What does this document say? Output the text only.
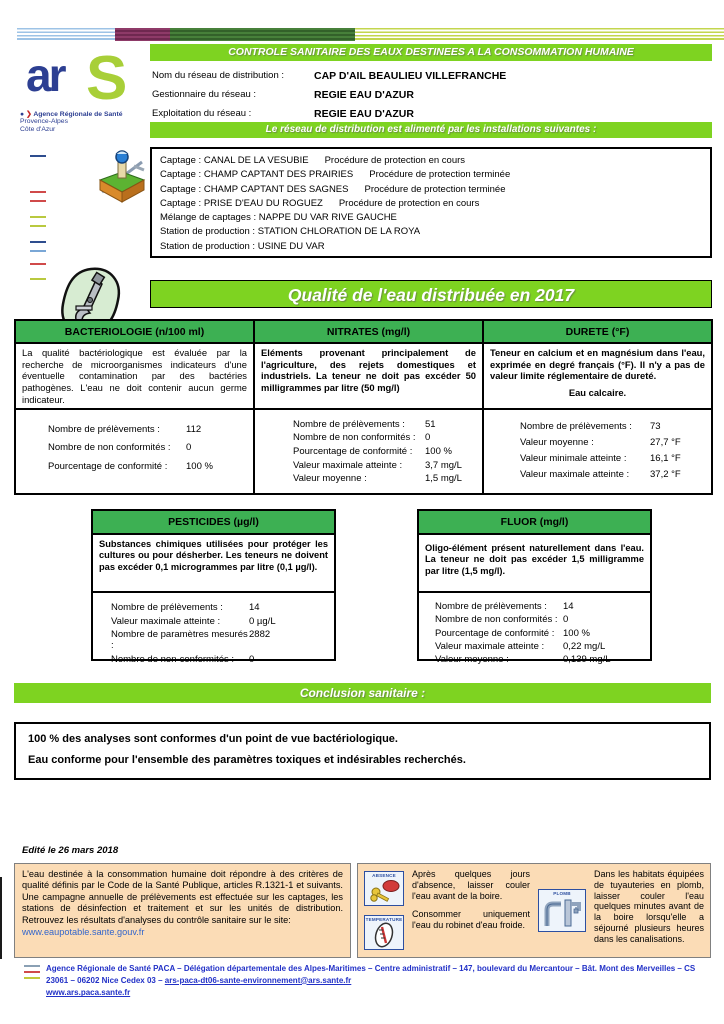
CONTROLE SANITAIRE DES EAUX DESTINEES A LA CONSOMMATION HUMAINE
ar S
● ❯ Agence Régionale de Santé
Provence-Alpes
Côte d'Azur
Nom du réseau de distribution :	CAP D'AIL BEAULIEU VILLEFRANCHE
Gestionnaire du réseau :	REGIE EAU D'AZUR
Exploitation du réseau :	REGIE EAU D'AZUR
Le réseau de distribution est alimenté par les installations suivantes :
Captage : CANAL DE LA VESUBIE Procédure de protection en cours
Captage : CHAMP CAPTANT DES PRAIRIES Procédure de protection terminée
Captage : CHAMP CAPTANT DES SAGNES Procédure de protection terminée
Captage : PRISE D'EAU DU ROGUEZ Procédure de protection en cours
Mélange de captages : NAPPE DU VAR RIVE GAUCHE
Station de production : STATION CHLORATION DE LA ROYA
Station de production : USINE DU VAR
Qualité de l'eau distribuée en 2017
BACTERIOLOGIE (n/100 ml)	NITRATES (mg/l)	DURETE (°F)
La qualité bactériologique est évaluée par la recherche de microorganismes indicateurs d'une éventuelle contamination par des bactéries pathogènes. L'eau ne doit contenir aucun germe indicateur.	Eléments provenant principalement de l'agriculture, des rejets domestiques et industriels. La teneur ne doit pas excéder 50 milligrammes par litre (50 mg/l)	Teneur en calcium et en magnésium dans l'eau, exprimée en degré français (°F). Il n'y a pas de valeur limite réglementaire de dureté.
Eau calcaire.

Nombre de prélèvements :	112
Nombre de non conformités :	0
Pourcentage de conformité :	100 %

Nombre de prélèvements :	51
Nombre de non conformités : 0
Pourcentage de conformité :	100 %
Valeur maximale atteinte :	3,7 mg/L
Valeur moyenne :	1,5 mg/L

Nombre de prélèvements :	73
Valeur moyenne :	27,7 °F
Valeur minimale atteinte :	16,1 °F
Valeur maximale atteinte :	37,2 °F
PESTICIDES (µg/l)
Substances chimiques utilisées pour protéger les cultures ou pour désherber. Les teneurs ne doivent pas excéder 0,1 microgrammes par litre (0,1 µg/l).
Nombre de prélèvements :	14
Valeur maximale atteinte :	0 µg/L
Nombre de paramètres mesurés :
2882
Nombre de non-conformités :	0
FLUOR (mg/l)
Oligo-élément présent naturellement dans l'eau. La teneur ne doit pas excéder 1,5 milligramme par litre (1,5 mg/l).
Nombre de prélèvements :	14
Nombre de non conformités : 0
Pourcentage de conformité : 100 %
Valeur maximale atteinte :	0,22 mg/L
Valeur moyenne :	0,139 mg/L
Conclusion sanitaire :
100 % des analyses sont conformes d'un point de vue bactériologique.
Eau conforme pour l'ensemble des paramètres toxiques et indésirables recherchés.
Edité le 26 mars 2018
L'eau destinée à la consommation humaine doit répondre à des critères de qualité définis par le Code de la Santé Publique, articles R.1321-1 et suivants. Une campagne annuelle de prélèvements est effectuée sur les captages, les stations de désinfection et traitement et sur les unités de distribution. Retrouvez les résultats d'analyses du contrôle sanitaire sur le site:
www.eaupotable.sante.gouv.fr
ABSENCE
TEMPERATURE

Après quelques jours d'absence, laisser couler l'eau avant de la boire.

Consommer uniquement l'eau du robinet d'eau froide.

PLOMB
Dans les habitats équipées de tuyauteries en plomb, laisser couler l'eau quelques minutes avant de la boire lorsqu'elle a séjourné plusieurs heures dans les canalisations.
Agence Régionale de Santé PACA – Délégation départementale des Alpes-Maritimes – Centre administratif – 147, boulevard du Mercantour – Bât. Mont des Merveilles – CS 23061 – 06202 Nice Cedex 03 – ars-paca-dt06-sante-environnement@ars.sante.fr
www.ars.paca.sante.fr
